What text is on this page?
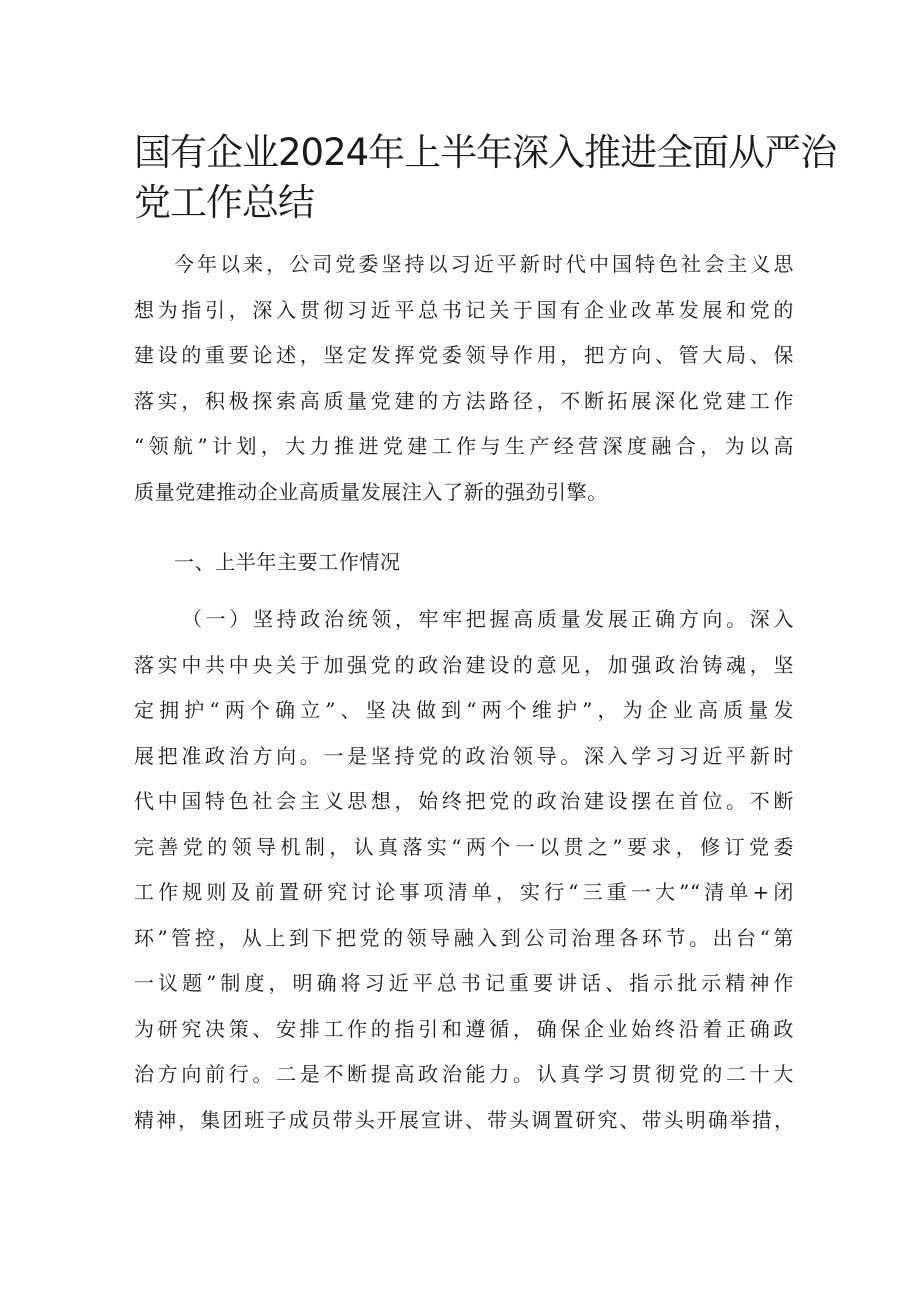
国有企业2024年上半年深入推进全面从严治
党工作总结
今年以来，公司党委坚持以习近平新时代中国特色社会主义思
想为指引，深入贯彻习近平总书记关于国有企业改革发展和党的
建设的重要论述，坚定发挥党委领导作用，把方向、管大局、保
落实，积极探索高质量党建的方法路径，不断拓展深化党建工作
“领航”计划，大力推进党建工作与生产经营深度融合，为以高
质量党建推动企业高质量发展注入了新的强劲引擎。
一、上半年主要工作情况
（一）坚持政治统领，牢牢把握高质量发展正确方向。深入
落实中共中央关于加强党的政治建设的意见，加强政治铸魂，坚
定拥护“两个确立”、坚决做到“两个维护”，为企业高质量发
展把准政治方向。一是坚持党的政治领导。深入学习习近平新时
代中国特色社会主义思想，始终把党的政治建设摆在首位。不断
完善党的领导机制，认真落实“两个一以贯之”要求，修订党委
工作规则及前置研究讨论事项清单，实行“三重一大”“清单+闭
环”管控，从上到下把党的领导融入到公司治理各环节。出台“第
一议题”制度，明确将习近平总书记重要讲话、指示批示精神作
为研究决策、安排工作的指引和遵循，确保企业始终沿着正确政
治方向前行。二是不断提高政治能力。认真学习贯彻党的二十大
精神，集团班子成员带头开展宣讲、带头调置研究、带头明确举措，
